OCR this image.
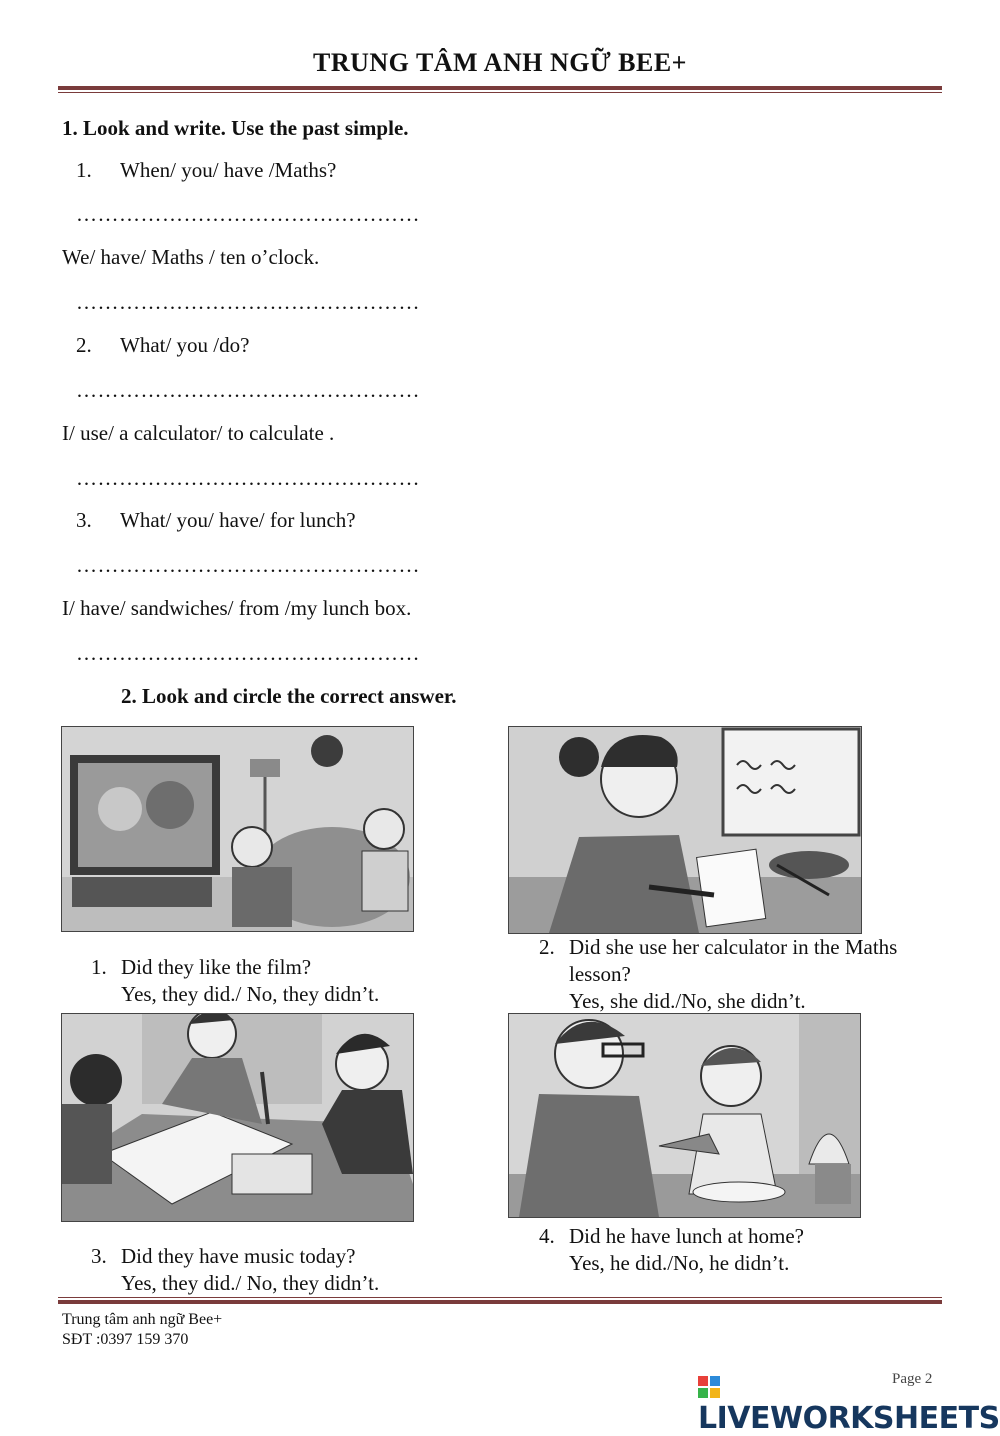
TRUNG TÂM ANH NGỮ BEE+
1. Look and write. Use the past simple.
1. When/ you/ have /Maths?
…………………………………………
We/ have/ Maths / ten o’clock.
…………………………………………
2. What/ you /do?
…………………………………………
I/ use/ a calculator/ to calculate .
…………………………………………
3. What/ you/ have/ for lunch?
…………………………………………
I/ have/ sandwiches/ from /my lunch box.
…………………………………………
2. Look and circle the correct answer.
1. Did they like the film?
Yes, they did./ No, they didn’t.
2. Did she use her calculator in the Maths
lesson?
Yes, she did./No, she didn’t.
3. Did they have music today?
Yes, they did./ No, they didn’t.
4. Did he have lunch at home?
Yes, he did./No, he didn’t.
Trung tâm anh ngữ Bee+
SĐT :0397 159 370
Page 2
LIVEWORKSHEETS
